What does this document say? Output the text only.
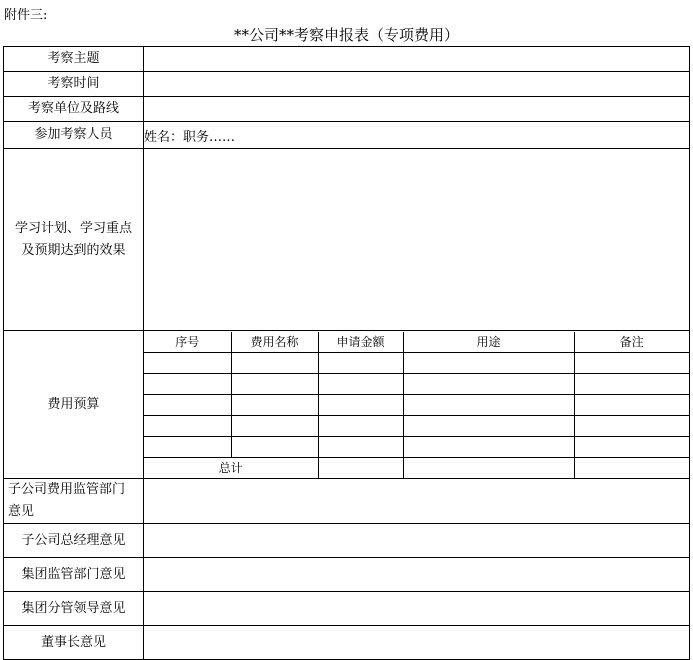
附件三:
**公司**考察申报表（专项费用）
考察主题	
考察时间	
考察单位及路线	
参加考察人员	姓名：职务……

学习计划、学习重点
及预期达到的效果

费用预算	
序号	费用名称	申请金额	用途	备注

总计			

子公司费用监管部门
意见

子公司总经理意见	
集团监管部门意见	
集团分管领导意见	
董事长意见	
